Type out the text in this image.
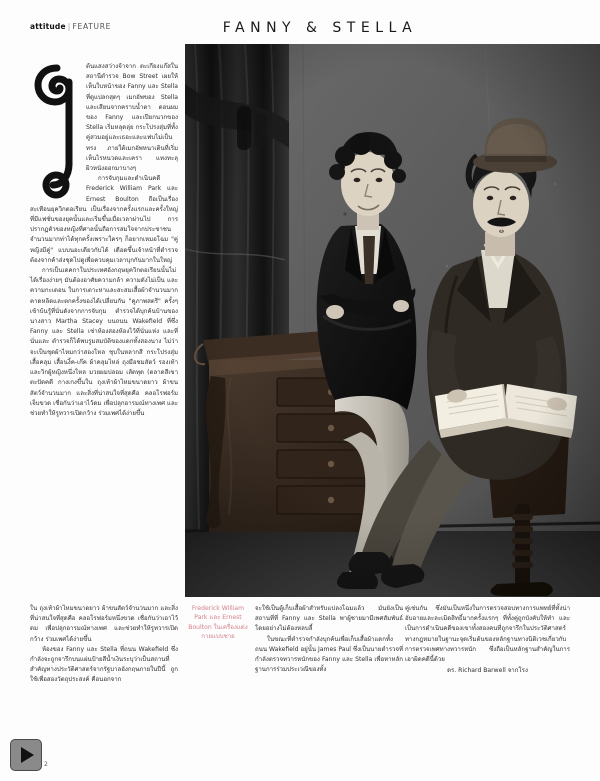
attitude | FEATURE	FANNY & STELLA

ต้นแสงสว่างจ้าจาก ตะเกียงแก๊สในสถานีตำรวจ Bow Street เผยให้เห็นใบหน้าของ Fanny และ Stella ที่ดูแปลกสุดๆ เมกอัพของ Stella และเสียนจากคราบน้ำตา ดอนผมของ Fanny และเปียกนวกของ Stella เริ่มหลุดลุ่ย กระโปรงสุ่มที่ทั้งคู่สวมอยู่และเธอะและแฟบไม่เป็นทรง ภายใต้เมกอัพหนาเตินที่เริ่มเห็นไรหนวดและเครา แทงทะลุผิวหนังออกมาบางๆ

การจับกุมและดำเนินคดี Frederick William Park และ Ernest Boulton ถือเป็นเรื่องสะเทือนยุควิกตอเรียน เป็นเรื่องจากครั้งแรกและครั้งใหญ่ที่มีแฟชั่นของยุคนั้นและเริ่มขึ้นเมื่อเวลาผ่านไป การปรากฏตัวของหญิงที่ศาลนั้นถือการสมใจจากประชาชนจำนวนมากท่าได้ทุกครั้งเพราะใครๆ ก็อยากเหมอโฉม "คู่หญิงมีคู่" แบบนอะเดียวกับได้ เดือดขึ้นเจ้าหน้าที่ตำรวจต้องจากค้าส่งชุดไปดูเพื่อควบคุมเวลาบุกกันมากในใหญ่

การเป็นเดคกาในประเทศอังกฤษยุควิกตอเรียนนั้นไม่ได้เรื่องง่ายๆ มันต้องอาศัยความกล้า ความดังไม่เป็น และความกะเดอน ในการเตาะหาและสะสมเสื้อผ้าจำนวนมากคาดหลิดและตกครั้งของได้เปลี่ยนกัน "คูภาพสตรี" ครั้งๆ เข้าบ้นรู้ที่นั่นดังจากการจับกุม ตำรวจได้บุกค้นบ้านของนางสาว Martha Stacey บนถนน Wakefield ที่ซึ่ง Fanny และ Stella เช่าห้องสองห้องไว้ที่นั่นแห่ง และที่นั่นและ ตำรวจก็ได้พบรูมสมบัติของแดกทั้งสองนาง ไม่ว่าจะเป็นชุดผ้าไหมกว่าสองโหล ชุบในหลากสี กระโปรงสุ่ม เสื้อคลุม เสื้อนงิ้ค-เก๊ค ผ้าคลุมไหล่ ถุงมือชมสัตว์ รองเท้าและวิกผู้หญิงหนึ่งโหล มวยผมปลอม เส้ดทุด (ตลาดสีเขาตะปัดคดี กางเกงขึ้นใน ถุงเท้าผ้าไหมขนาดยาว ผ้าขนสัตว์จำนวนมาก และสิ่งที่น่าสนใจที่สุดคือ คลอโรฟอร์มเจ็บขวด เชื่อกันว่าเอาไว้ดม เพื่อปลุกอารมณ์ทางเพศ และช่วยทำให้รูทวารเปิดกว้าง ร่วมเพศได้ง่ายขึ้น

Frederick William Park และ Ernest Boulton ในเครื่องแต่งกายแบบชาย

ใน ถุงเท้าผ้าไหมขนาดยาว ผ้าขนสัตว์จำนวนมาก และสิ่งที่น่าสนใจที่สุดคือ คลอโรฟอร์มหนึ่งขวด เชื่อกันว่าเอาไว้ดม เพื่อปลุกอารมณ์ทางเพศ และช่วยทำให้รูทวารเปิดกว้าง ร่วมเพศได้ง่ายขึ้น

ห้องของ Fanny และ Stella ที่ถนน Wakefield ซึ่งกำลังจะถูกจารึกบนแผ่นป้ายสีน้ำเงินระบุว่าเป็นสถานที่สำคัญทางประวัติศาสตร์จากรัฐบาลอังกฤษภายในปีนี้ ถูกใช้เพื่อสองวัตถุประสงค์ คือนอกจาก

จะใช้เป็นตู้เก็บเสื้อผ้าสำหรับแปลงโฉมแล้ว มันยังเป็นสถานที่ที่ Fanny และ Stella พาผู้ชายมามีเพศสัมพันธ์โดยอย่างไม่ต้องหลบลี้

ในขณะที่ตำรวจกำลังบุกค้นเพื่อเก็บเสื้อผ้าแดกทั้งถนน Wakefield อยู่นั้น James Paul ซึ่งเป็นนายตำรวจที่กำลังตรวจทวารหนักของ Fanny และ Stella เพื่อหาหลักฐานการร่วมประเวณีของทั้ง

คู่เช่นกัน ซึ่งมันเป็นหนึ่งในการตรวจสอบทางการแพทย์ที่ทั้งน่าอับอายและละเมิดสิทธิ์มากครั้งแรกๆ ที่ทั้งคู่ถูกบังคับให้ทำ และเป็นการดำเนินคดีของเขาทั้งสองคนที่ถูกจารึกในประวัติศาสตร์ทางกฎหมายในฐานะจุดเริ่มต้นของหลักฐานทางนิติเวชเกี่ยวกับการตรวจเพศทางทวารหนัก ซึ่งถือเป็นหลักฐานสำคัญในการเอาผิดคดีนี้ด้วย

ดร. Richard Barwell จากโรง
2
